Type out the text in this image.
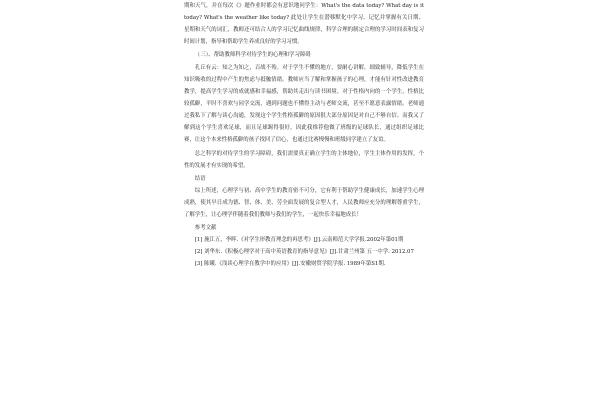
期和天气，并在每次《》题作业时都会有意识地问学生：What's the data today? What day is it today? What's the weather like today? 此处让学生在潜移默化中学习、记忆并掌握有关日期、星期和天气的词汇，教师还可结合人的学习记忆曲线规律，科学合理的制定合理的学习时间表和复习时间计划，指导和帮助学生养成良好的学习习惯。

（三）、帮助教师科学对待学生的心理和学习障碍

孔丘有云：知之为知之，百战不殆。对于学生不懂的地方，要耐心讲解，细致辅导，降低学生在知识吸收的过程中产生的焦虑与抵触情绪。教师应当了解和掌握孩子的心理，才能有针对性改进教育教学，提高学生学习的成就感和幸福感，帮助其走出与读书困境。对于性格内向的一个学生，性格比较孤僻，平时不喜欢与同学交流，遇到问题也不懂得主动与老师交流，甚至不愿意表露情绪。老师通过我私下了解与谈心沟通，发现这个学生性格孤僻的原因很大部分原因是对自己不够自信。而我又了解到这个学生喜欢足球，而且足球踢得很好，因此我推荐他做了班级的足球队长，通过组织足球比赛，让这个本来性格孤僻的孩子找回了信心，也通过比赛慢慢和班级同学建立了友谊。

总之科学的对待学生的学习障碍，我们需要真正确立学生的主体地位，学生主体作用的发挥，个性的发展才有实现的希望。

结语

综上所述，心理学与初、高中学生的教育密不可分，它有利于帮助学生健康成长，加速学生心理成熟，使其早日成为德、智、体、美、劳全面发展的复合型人才，人民教师应充分的理解尊重学生，了解学生，让心理学伴随着我们教师与我们的学生，一起快乐幸福地成长！

参考文献

[1] 施江五，李晖.《对学生形教育理念的再思考》[J].云南师范大学学报.2002年第01期

[2] 刘华东.《积极心理学对于高中英语教育的指导意见》[J].甘肃兰州第 五一中学. 2012.07

[3] 陈曦.《浅谈心理学在教学中的应用》[J].安徽财贸学院学报. 1989年第S1期.
